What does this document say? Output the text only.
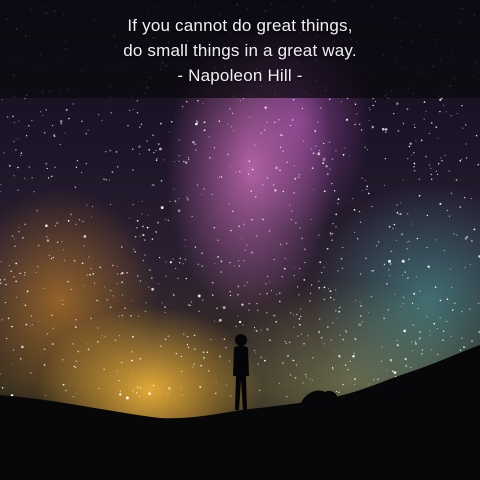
If you cannot do great things,
do small things in a great way.
- Napoleon Hill -
